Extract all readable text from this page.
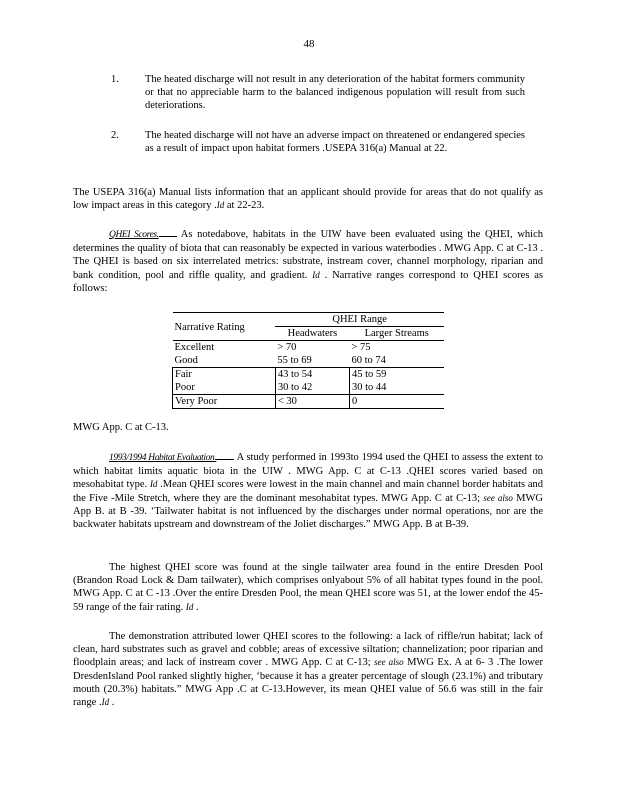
48
1. The heated discharge will not result in any deterioration of the habitat formers community or that no appreciable harm to the balanced indigenous population will result from such deteriorations.
2. The heated discharge will not have an adverse impact on threatened or endangered species as a result of impact upon habitat formers .USEPA 316(a) Manual at 22.
The USEPA 316(a) Manual lists information that an applicant should provide for areas that do not qualify as low impact areas in this category .Id at 22-23.
QHEI Scores. As notedabove, habitats in the UIW have been evaluated using the QHEI, which determines the quality of biota that can reasonably be expected in various waterbodies . MWG App. C at C-13 . The QHEI is based on six interrelated metrics: substrate, instream cover, channel morphology, riparian and bank condition, pool and riffle quality, and gradient. Id . Narrative ranges correspond to QHEI scores as follows:
Narrative Rating	QHEI Range	
	Headwaters	Larger Streams
Excellent	> 70	> 75
Good	55 to 69	60 to 74
Fair	43 to 54	45 to 59
Poor	30 to 42	30 to 44
Very Poor	< 30	0
MWG App. C at C-13.
1993/1994 Habitat Evaluation. A study performed in 1993to 1994 used the QHEI to assess the extent to which habitat limits aquatic biota in the UIW . MWG App. C at C-13 .QHEI scores varied based on mesohabitat type. Id .Mean QHEI scores were lowest in the main channel and main channel border habitats and the Five -Mile Stretch, where they are the dominant mesohabitat types. MWG App. C at C-13; see also MWG App B. at B -39. ‘Tailwater habitat is not influenced by the discharges under normal operations, nor are the backwater habitats upstream and downstream of the Joliet discharges.” MWG App. B at B-39.
The highest QHEI score was found at the single tailwater area found in the entire Dresden Pool (Brandon Road Lock & Dam tailwater), which comprises onlyabout 5% of all habitat types found in the pool. MWG App. C at C -13 .Over the entire Dresden Pool, the mean QHEI score was 51, at the lower endof the 45-59 range of the fair rating. Id .
The demonstration attributed lower QHEI scores to the following: a lack of riffle/run habitat; lack of clean, hard substrates such as gravel and cobble; areas of excessive siltation; channelization; poor riparian and floodplain areas; and lack of instream cover . MWG App. C at C-13; see also MWG Ex. A at 6- 3 .The lower DresdenIsland Pool ranked slightly higher, ‘because it has a greater percentage of slough (23.1%) and tributary mouth (20.3%) habitats.” MWG App .C at C-13.However, its mean QHEI value of 56.6 was still in the fair range .Id .
